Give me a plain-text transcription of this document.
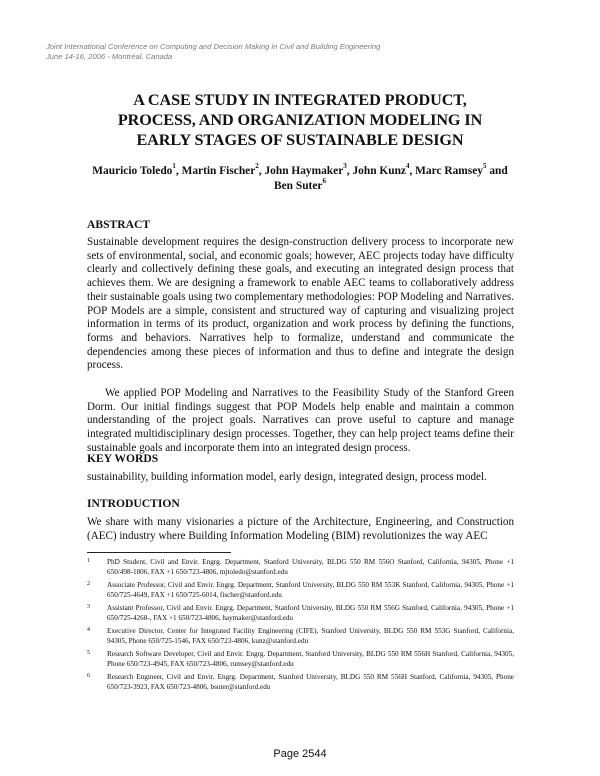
Joint International Conference on Computing and Decision Making in Civil and Building Engineering
June 14-16, 2006 - Montréal, Canada
A CASE STUDY IN INTEGRATED PRODUCT,
PROCESS, AND ORGANIZATION MODELING IN
EARLY STAGES OF SUSTAINABLE DESIGN
Mauricio Toledo$^1$, Martin Fischer$^2$, John Haymaker$^3$, John Kunz$^4$, Marc Ramsey$^5$ and
Ben Suter$^6$
ABSTRACT

Sustainable development requires the design-construction delivery process to incorporate new sets of environmental, social, and economic goals; however, AEC projects today have difficulty clearly and collectively defining these goals, and executing an integrated design process that achieves them. We are designing a framework to enable AEC teams to collaboratively address their sustainable goals using two complementary methodologies: POP Modeling and Narratives. POP Models are a simple, consistent and structured way of capturing and visualizing project information in terms of its product, organization and work process by defining the functions, forms and behaviors. Narratives help to formalize, understand and communicate the dependencies among these pieces of information and thus to define and integrate the design process.

We applied POP Modeling and Narratives to the Feasibility Study of the Stanford Green Dorm. Our initial findings suggest that POP Models help enable and maintain a common understanding of the project goals. Narratives can prove useful to capture and manage integrated multidisciplinary design processes. Together, they can help project teams define their sustainable goals and incorporate them into an integrated design process.

KEY WORDS

sustainability, building information model, early design, integrated design, process model.

INTRODUCTION

We share with many visionaries a picture of the Architecture, Engineering, and Construction (AEC) industry where Building Information Modeling (BIM) revolutionizes the way AEC

1	PhD Student, Civil and Envir. Engrg. Department, Stanford University, BLDG 550 RM 556O Stanford, California, 94305, Phone +1 650/498-1806, FAX +1 650/723-4806, mjtoledo@stanford.edu
2	Associate Professor, Civil and Envir. Engrg. Department, Stanford University, BLDG 550 RM 553K Stanford, California, 94305, Phone +1 650/725-4649, FAX +1 650/725-6014, fischer@stanford.edu
3	Assistant Professor, Civil and Envir. Engrg. Department, Stanford University, BLDG 550 RM 556G Stanford, California, 94305, Phone +1 650/725-4268-, FAX +1 650/723-4806, haymaker@stanford.edu
4	Executive Director, Center for Integrated Facility Engineering (CIFE), Stanford University, BLDG 550 RM 553G Stanford, California, 94305, Phone 650/725-1546, FAX 650/723-4806, kunz@stanford.edu
5	Research Software Developer, Civil and Envir. Engrg. Department, Stanford University, BLDG 550 RM 556H Stanford, California, 94305, Phone 650/723-4945, FAX 650/723-4806, rumsey@stanford.edu
6	Research Engineer, Civil and Envir. Engrg. Department, Stanford University, BLDG 550 RM 556H Stanford, California, 94305, Phone 650/723-3923, FAX 650/723-4806, bsuter@stanford.edu
Page 2544
